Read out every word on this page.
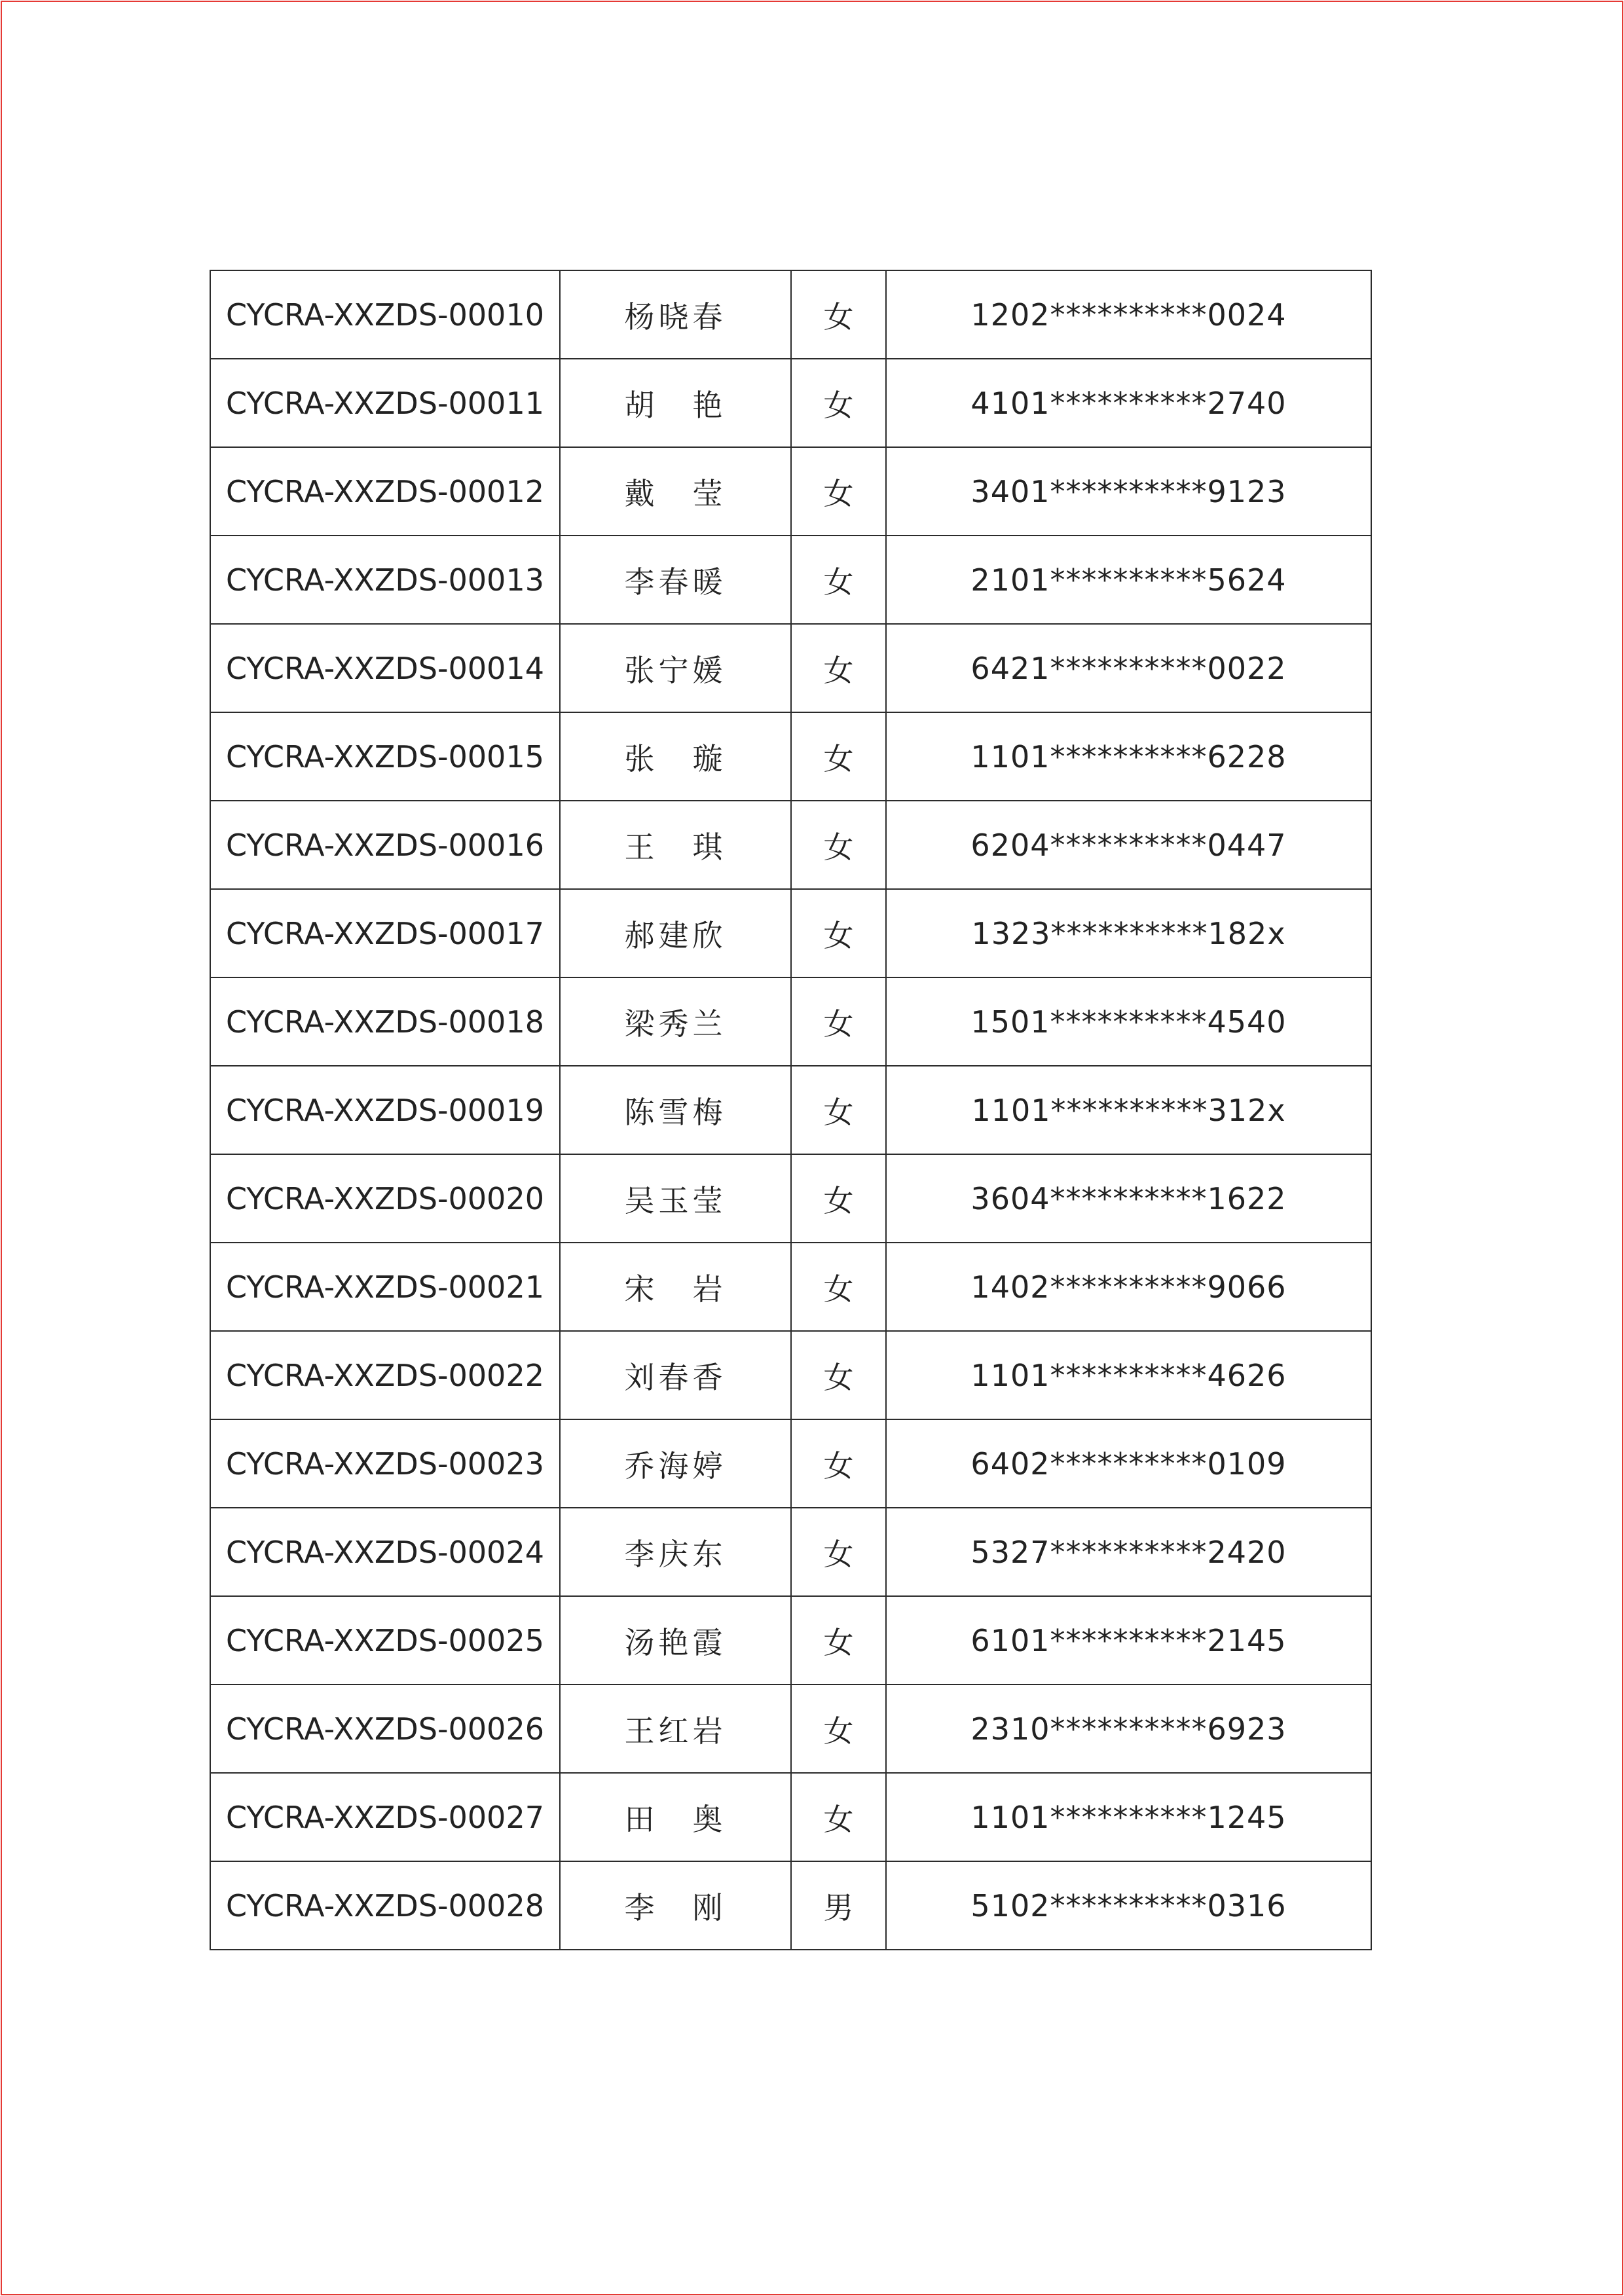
CYCRA-XXZDS-00010	杨晓春	女	1202**********0024
CYCRA-XXZDS-00011	胡　艳	女	4101**********2740
CYCRA-XXZDS-00012	戴　莹	女	3401**********9123
CYCRA-XXZDS-00013	李春暖	女	2101**********5624
CYCRA-XXZDS-00014	张宁媛	女	6421**********0022
CYCRA-XXZDS-00015	张　璇	女	1101**********6228
CYCRA-XXZDS-00016	王　琪	女	6204**********0447
CYCRA-XXZDS-00017	郝建欣	女	1323**********182x
CYCRA-XXZDS-00018	梁秀兰	女	1501**********4540
CYCRA-XXZDS-00019	陈雪梅	女	1101**********312x
CYCRA-XXZDS-00020	吴玉莹	女	3604**********1622
CYCRA-XXZDS-00021	宋　岩	女	1402**********9066
CYCRA-XXZDS-00022	刘春香	女	1101**********4626
CYCRA-XXZDS-00023	乔海婷	女	6402**********0109
CYCRA-XXZDS-00024	李庆东	女	5327**********2420
CYCRA-XXZDS-00025	汤艳霞	女	6101**********2145
CYCRA-XXZDS-00026	王红岩	女	2310**********6923
CYCRA-XXZDS-00027	田　奥	女	1101**********1245
CYCRA-XXZDS-00028	李　刚	男	5102**********0316
